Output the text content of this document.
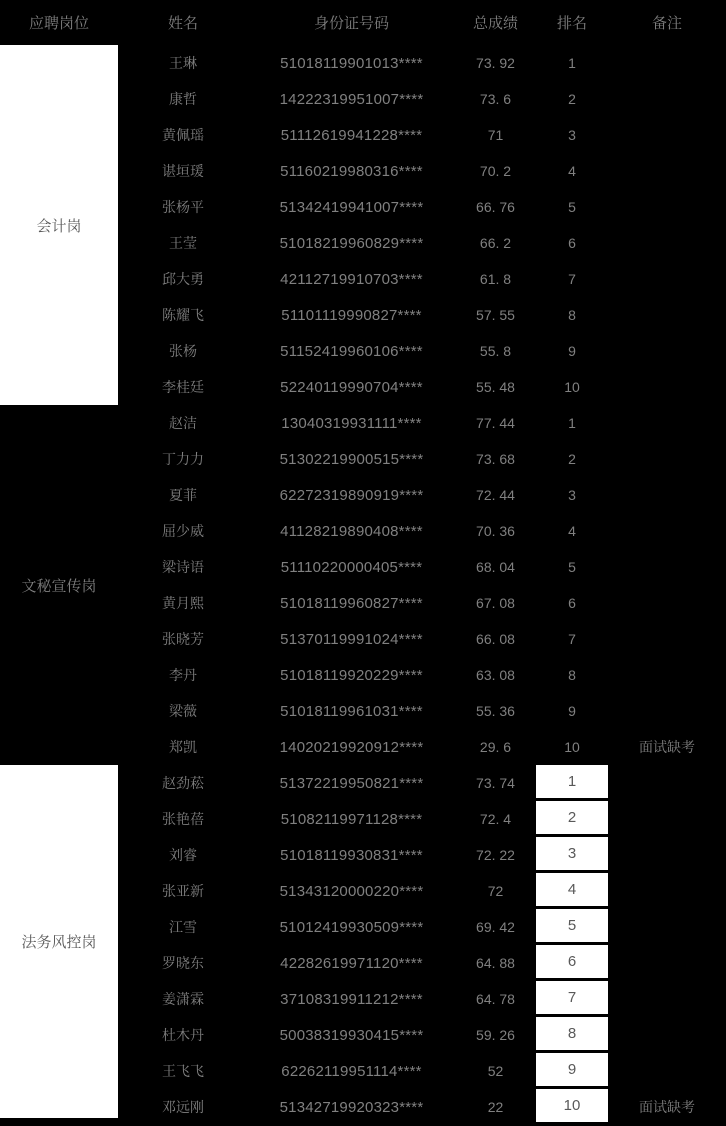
应聘岗位	姓名	身份证号码	总成绩	排名	备注
会计岗
王琳	51018119901013****	73. 92	1
康哲	14222319951007****	73. 6	2
黄佩瑶	51112619941228****	71	3
谌垣瑗	51160219980316****	70. 2	4
张杨平	51342419941007****	66. 76	5
王莹	51018219960829****	66. 2	6
邱大勇	42112719910703****	61. 8	7
陈耀飞	51101119990827****	57. 55	8
张杨	51152419960106****	55. 8	9
李桂廷	52240119990704****	55. 48	10
文秘宣传岗
赵洁	13040319931111****	77. 44	1
丁力力	51302219900515****	73. 68	2
夏菲	62272319890919****	72. 44	3
屈少威	41128219890408****	70. 36	4
梁诗语	51110220000405****	68. 04	5
黄月熙	51018119960827****	67. 08	6
张晓芳	51370119991024****	66. 08	7
李丹	51018119920229****	63. 08	8
梁薇	51018119961031****	55. 36	9
郑凯	14020219920912****	29. 6	10	面试缺考
法务风控岗
赵劲菘	51372219950821****	73. 74	1
张艳蓓	51082119971128****	72. 4	2
刘睿	51018119930831****	72. 22	3
张亚新	51343120000220****	72	4
江雪	51012419930509****	69. 42	5
罗晓东	42282619971120****	64. 88	6
姜潇霖	37108319911212****	64. 78	7
杜木丹	50038319930415****	59. 26	8
王飞飞	62262119951114****	52	9
邓远刚	51342719920323****	22	10	面试缺考
